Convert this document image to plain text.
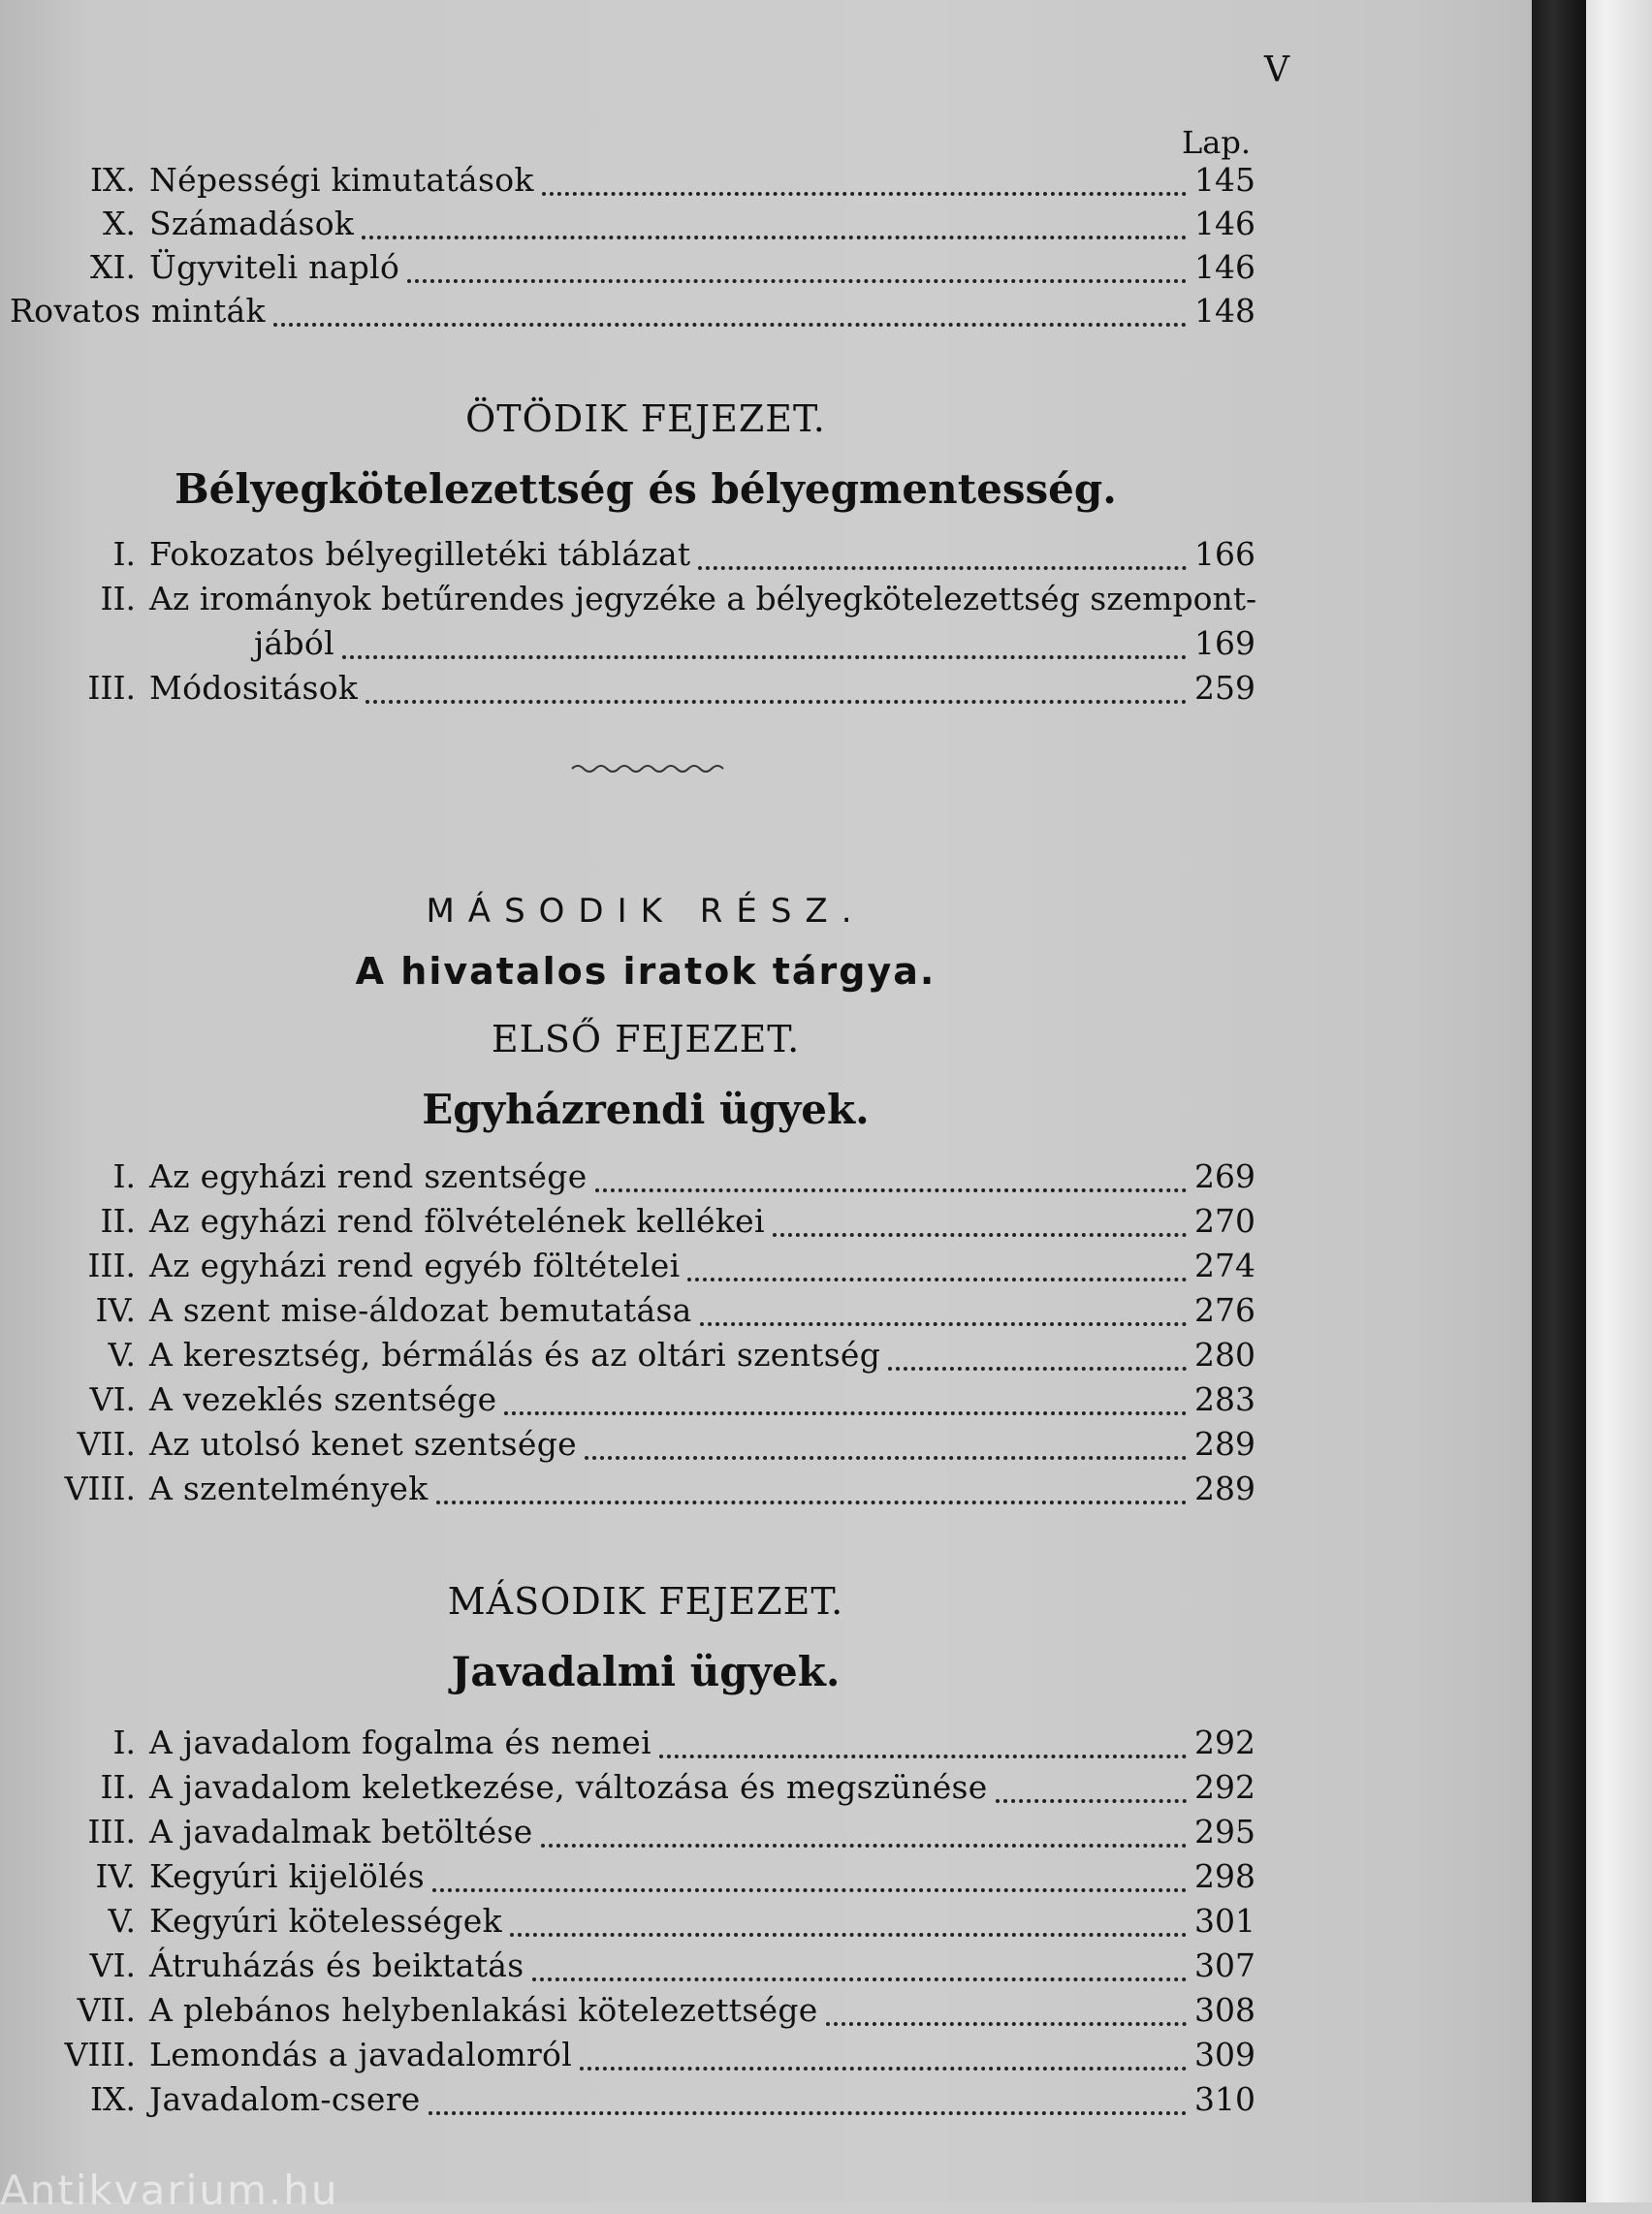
V
Lap.
IX. Népességi kimutatások	145
X. Számadások	146
XI. Ügyviteli napló	146
Rovatos minták	148
ÖTÖDIK FEJEZET.
Bélyegkötelezettség és bélyegmentesség.
I. Fokozatos bélyegilletéki táblázat	166
II. Az irományok betűrendes jegyzéke a bélyegkötelezettség szempont-
jából	169
III. Módositások	259
MÁSODIK RÉSZ.
A hivatalos iratok tárgya.
ELSŐ FEJEZET.
Egyházrendi ügyek.
I. Az egyházi rend szentsége	269
II. Az egyházi rend fölvételének kellékei	270
III. Az egyházi rend egyéb föltételei	274
IV. A szent mise-áldozat bemutatása	276
V. A keresztség, bérmálás és az oltári szentség	280
VI. A vezeklés szentsége	283
VII. Az utolsó kenet szentsége	289
VIII. A szentelmények	289
MÁSODIK FEJEZET.
Javadalmi ügyek.
I. A javadalom fogalma és nemei	292
II. A javadalom keletkezése, változása és megszünése	292
III. A javadalmak betöltése	295
IV. Kegyúri kijelölés	298
V. Kegyúri kötelességek	301
VI. Átruházás és beiktatás	307
VII. A plebános helybenlakási kötelezettsége	308
VIII. Lemondás a javadalomról	309
IX. Javadalom-csere	310
Antikvarium.hu
